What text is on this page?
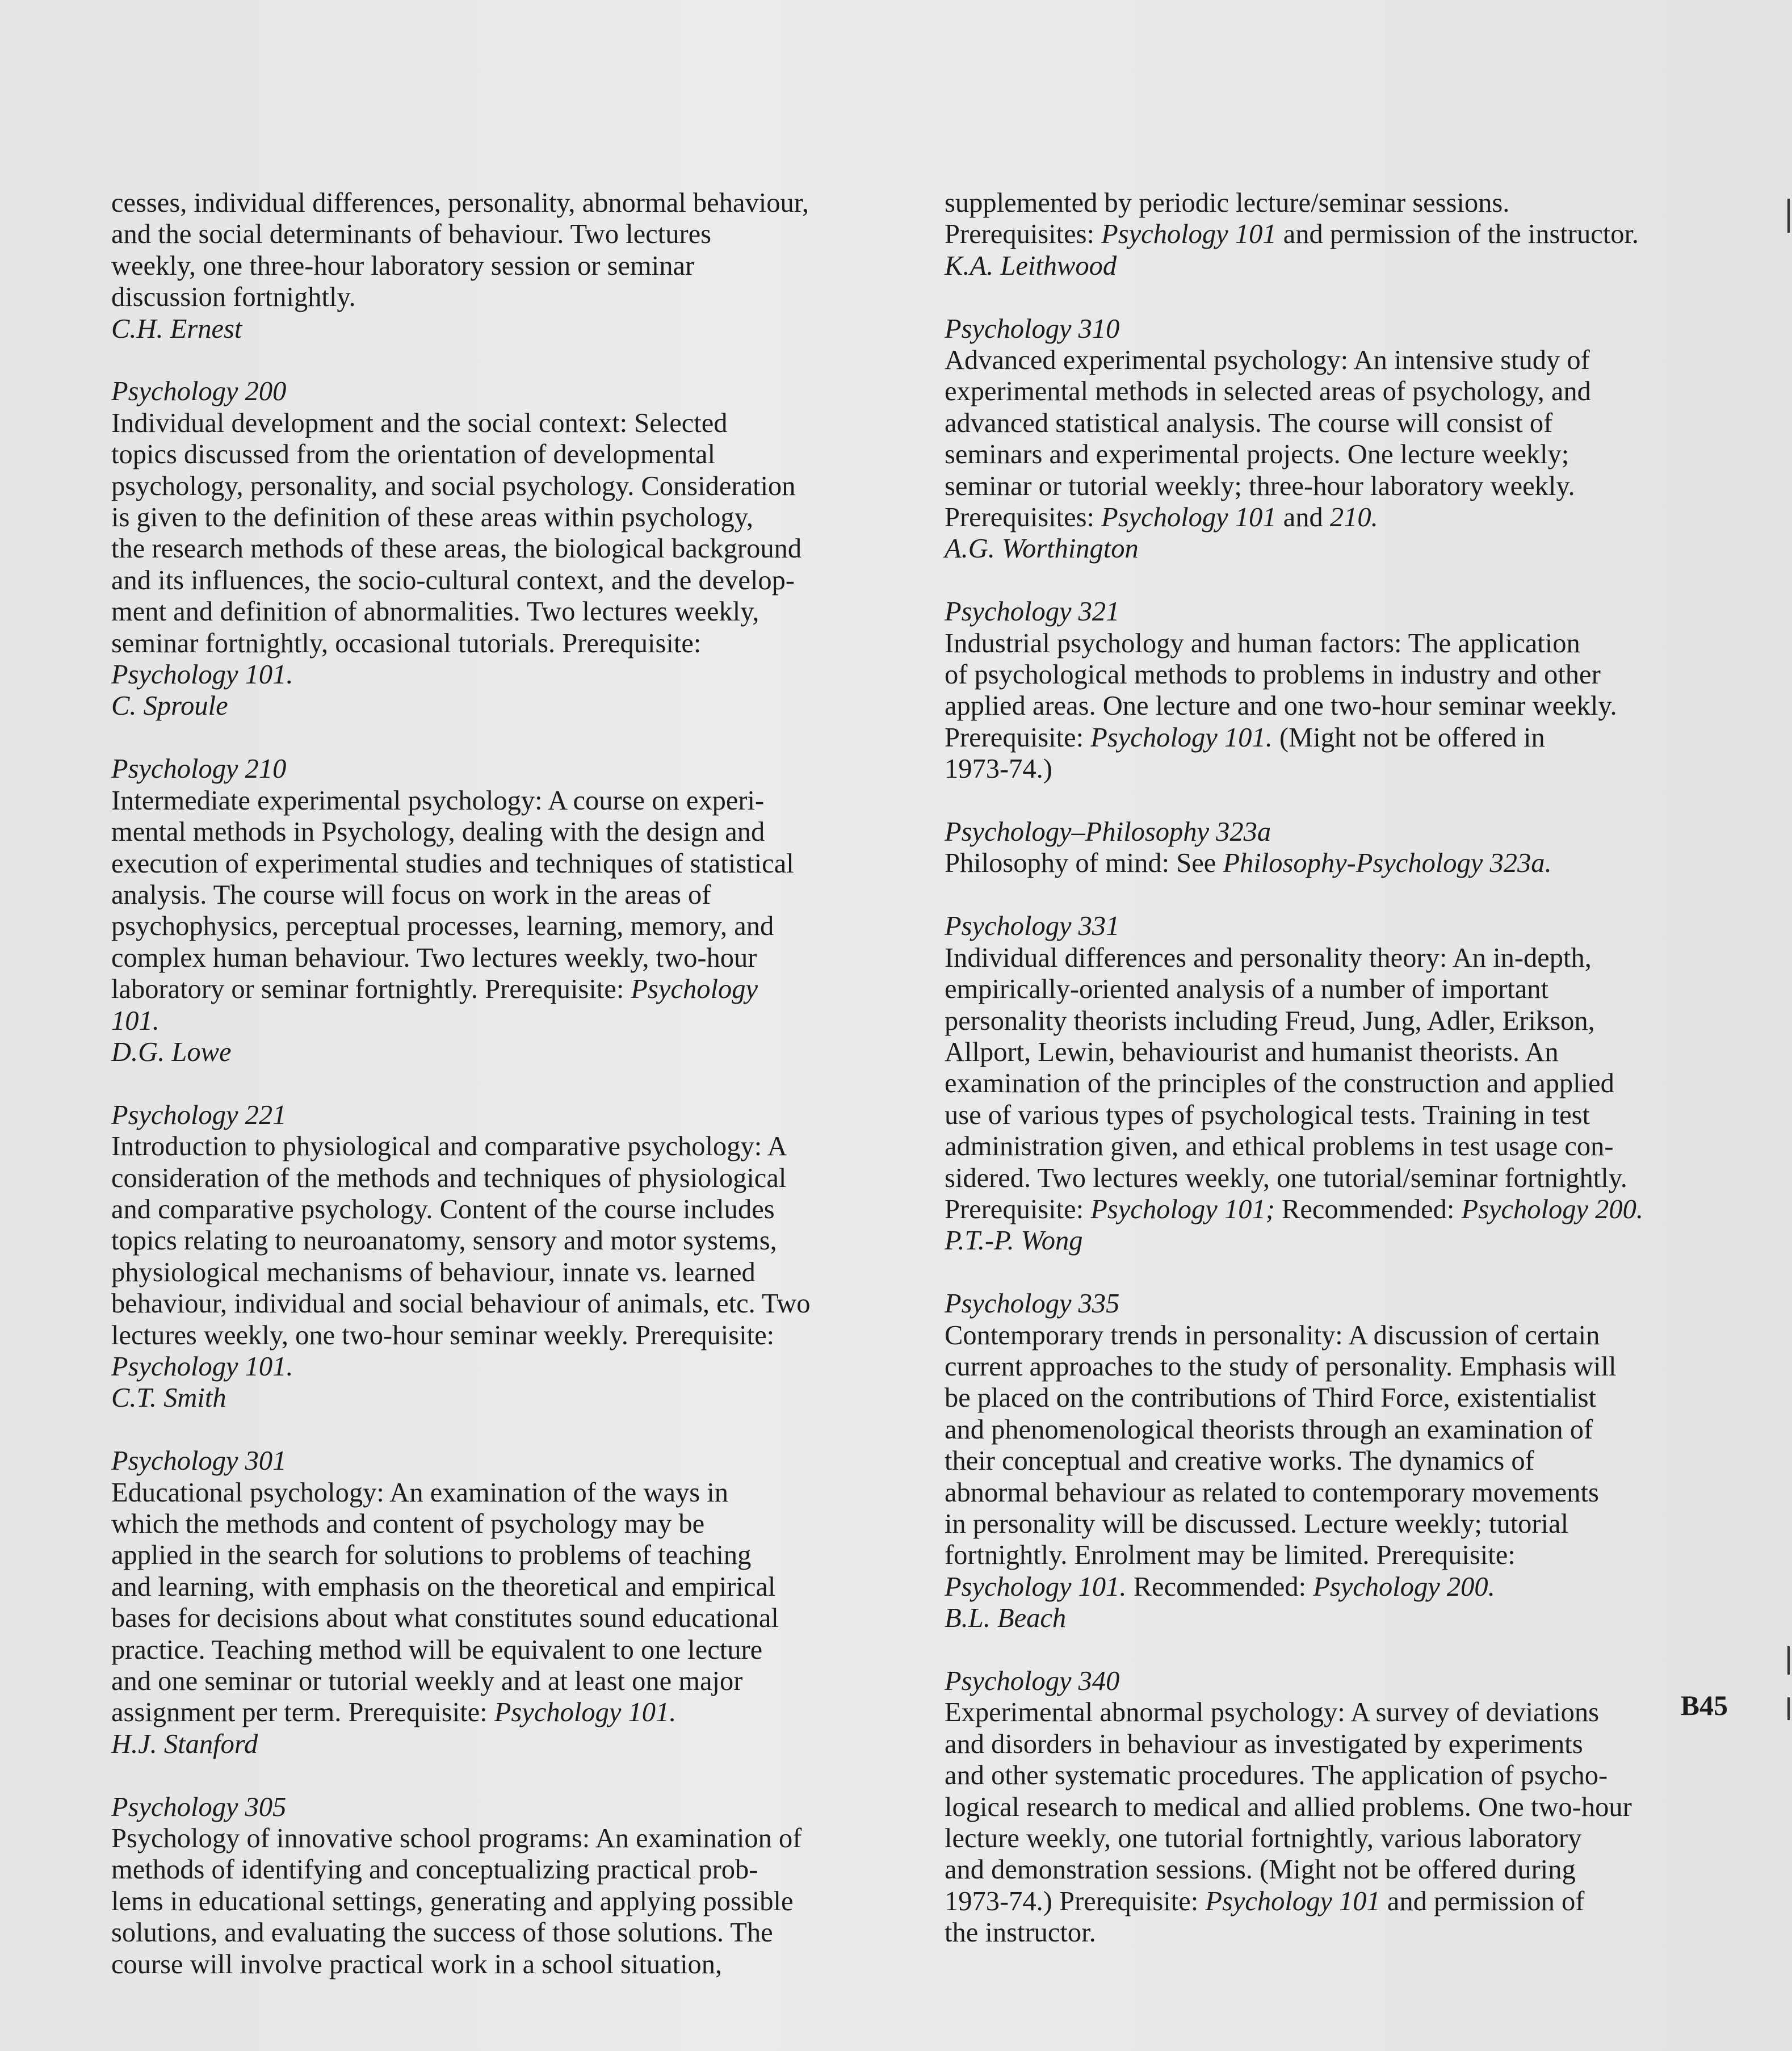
cesses, individual differences, personality, abnormal behaviour,
and the social determinants of behaviour. Two lectures
weekly, one three-hour laboratory session or seminar
discussion fortnightly.
C.H. Ernest
Psychology 200
Individual development and the social context: Selected
topics discussed from the orientation of developmental
psychology, personality, and social psychology. Consideration
is given to the definition of these areas within psychology,
the research methods of these areas, the biological background
and its influences, the socio-cultural context, and the develop-
ment and definition of abnormalities. Two lectures weekly,
seminar fortnightly, occasional tutorials. Prerequisite:
Psychology 101.
C. Sproule
Psychology 210
Intermediate experimental psychology: A course on experi-
mental methods in Psychology, dealing with the design and
execution of experimental studies and techniques of statistical
analysis. The course will focus on work in the areas of
psychophysics, perceptual processes, learning, memory, and
complex human behaviour. Two lectures weekly, two-hour
laboratory or seminar fortnightly. Prerequisite: Psychology
101.
D.G. Lowe
Psychology 221
Introduction to physiological and comparative psychology: A
consideration of the methods and techniques of physiological
and comparative psychology. Content of the course includes
topics relating to neuroanatomy, sensory and motor systems,
physiological mechanisms of behaviour, innate vs. learned
behaviour, individual and social behaviour of animals, etc. Two
lectures weekly, one two-hour seminar weekly. Prerequisite:
Psychology 101.
C.T. Smith
Psychology 301
Educational psychology: An examination of the ways in
which the methods and content of psychology may be
applied in the search for solutions to problems of teaching
and learning, with emphasis on the theoretical and empirical
bases for decisions about what constitutes sound educational
practice. Teaching method will be equivalent to one lecture
and one seminar or tutorial weekly and at least one major
assignment per term. Prerequisite: Psychology 101.
H.J. Stanford
Psychology 305
Psychology of innovative school programs: An examination of
methods of identifying and conceptualizing practical prob-
lems in educational settings, generating and applying possible
solutions, and evaluating the success of those solutions. The
course will involve practical work in a school situation,
supplemented by periodic lecture/seminar sessions.
Prerequisites: Psychology 101 and permission of the instructor.
K.A. Leithwood
Psychology 310
Advanced experimental psychology: An intensive study of
experimental methods in selected areas of psychology, and
advanced statistical analysis. The course will consist of
seminars and experimental projects. One lecture weekly;
seminar or tutorial weekly; three-hour laboratory weekly.
Prerequisites: Psychology 101 and 210.
A.G. Worthington
Psychology 321
Industrial psychology and human factors: The application
of psychological methods to problems in industry and other
applied areas. One lecture and one two-hour seminar weekly.
Prerequisite: Psychology 101. (Might not be offered in
1973-74.)
Psychology–Philosophy 323a
Philosophy of mind: See Philosophy-Psychology 323a.
Psychology 331
Individual differences and personality theory: An in-depth,
empirically-oriented analysis of a number of important
personality theorists including Freud, Jung, Adler, Erikson,
Allport, Lewin, behaviourist and humanist theorists. An
examination of the principles of the construction and applied
use of various types of psychological tests. Training in test
administration given, and ethical problems in test usage con-
sidered. Two lectures weekly, one tutorial/seminar fortnightly.
Prerequisite: Psychology 101; Recommended: Psychology 200.
P.T.-P. Wong
Psychology 335
Contemporary trends in personality: A discussion of certain
current approaches to the study of personality. Emphasis will
be placed on the contributions of Third Force, existentialist
and phenomenological theorists through an examination of
their conceptual and creative works. The dynamics of
abnormal behaviour as related to contemporary movements
in personality will be discussed. Lecture weekly; tutorial
fortnightly. Enrolment may be limited. Prerequisite:
Psychology 101. Recommended: Psychology 200.
B.L. Beach
Psychology 340
Experimental abnormal psychology: A survey of deviations
and disorders in behaviour as investigated by experiments
and other systematic procedures. The application of psycho-
logical research to medical and allied problems. One two-hour
lecture weekly, one tutorial fortnightly, various laboratory
and demonstration sessions. (Might not be offered during
1973-74.) Prerequisite: Psychology 101 and permission of
the instructor.
B45
